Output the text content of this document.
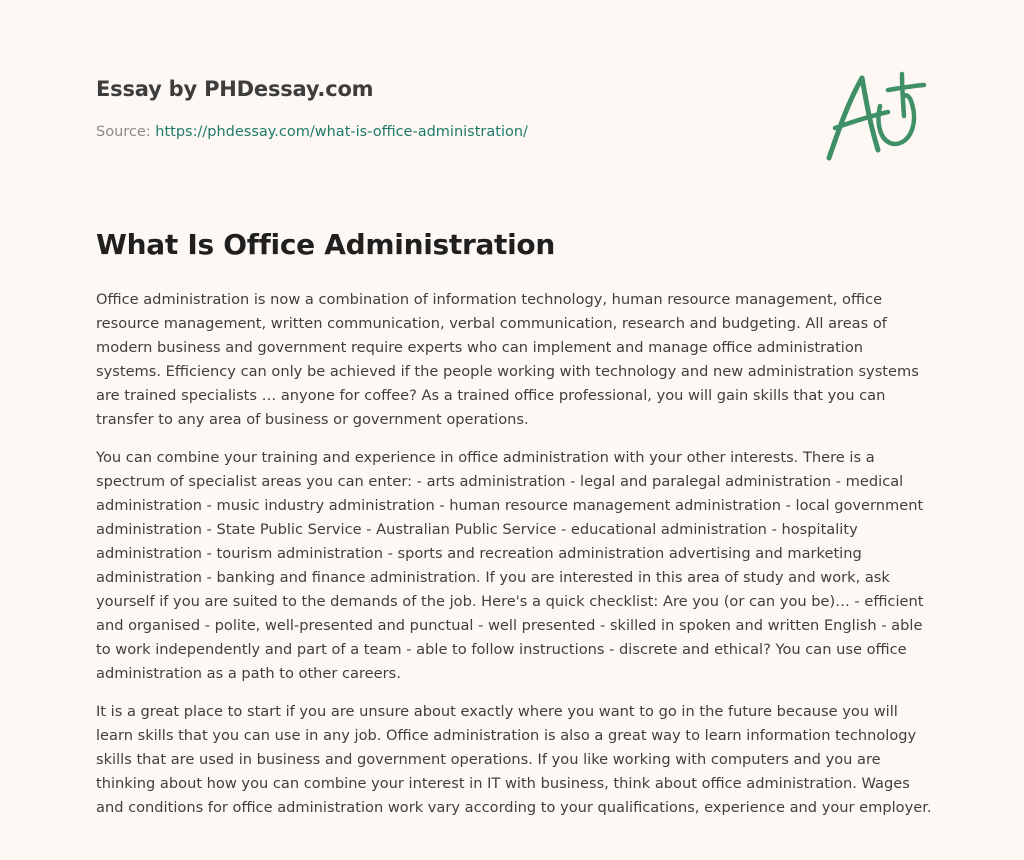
Essay by PHDessay.com
Source: https://phdessay.com/what-is-office-administration/
What Is Office Administration

Office administration is now a combination of information technology, human resource management, office resource management, written communication, verbal communication, research and budgeting. All areas of modern business and government require experts who can implement and manage office administration systems. Efficiency can only be achieved if the people working with technology and new administration systems are trained specialists … anyone for coffee? As a trained office professional, you will gain skills that you can transfer to any area of business or government operations.

You can combine your training and experience in office administration with your other interests. There is a spectrum of specialist areas you can enter: - arts administration - legal and paralegal administration - medical administration - music industry administration - human resource management administration - local government administration - State Public Service - Australian Public Service - educational administration - hospitality administration - tourism administration - sports and recreation administration advertising and marketing administration - banking and finance administration. If you are interested in this area of study and work, ask yourself if you are suited to the demands of the job. Here's a quick checklist: Are you (or can you be)… - efficient and organised - polite, well-presented and punctual - well presented - skilled in spoken and written English - able to work independently and part of a team - able to follow instructions - discrete and ethical? You can use office administration as a path to other careers.

It is a great place to start if you are unsure about exactly where you want to go in the future because you will learn skills that you can use in any job. Office administration is also a great way to learn information technology skills that are used in business and government operations. If you like working with computers and you are thinking about how you can combine your interest in IT with business, think about office administration. Wages and conditions for office administration work vary according to your qualifications, experience and your employer.
